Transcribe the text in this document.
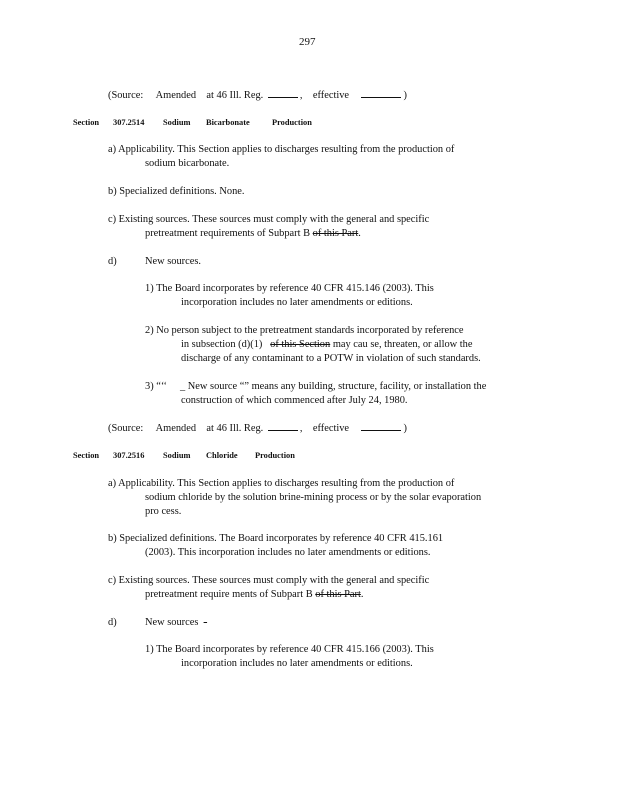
297
(Source: Amended at 46 Ill. Reg.	,    effective	)
Section 307.2514 Sodium Bicarbonate	Production
a) Applicability. This Section applies to discharges resulting from the production of
sodium bicarbonate.
b) Specialized definitions. None.
c) Existing sources. These sources must comply with the general and specific
pretreatment requirements of Subpart B of this Part.
d)	New sources.
1) The Board incorporates by reference 40 CFR 415.146 (2003). This
incorporation includes no later amendments or editions.
2) No person subject to the pretreatment standards incorporated by reference
in subsection (d)(1) of this Section may cau se, threaten, or allow the
discharge of any contaminant to a POTW in violation of such standards.
3) “‘‘ _ New source “” means any building, structure, facility, or installation the
construction of which commenced after July 24, 1980.
(Source: Amended at 46 Ill. Reg.	,    effective	)
Section 307.2516 Sodium Chloride Production
a) Applicability. This Section applies to discharges resulting from the production of
sodium chloride by the solution brine-mining process or by the solar evaporation
pro cess.
b) Specialized definitions. The Board incorporates by reference 40 CFR 415.161
(2003). This incorporation includes no later amendments or editions.
c) Existing sources. These sources must comply with the general and specific
pretreatment require ments of Subpart B of this Part.
d)	New sources -
1) The Board incorporates by reference 40 CFR 415.166 (2003). This
incorporation includes no later amendments or editions.
